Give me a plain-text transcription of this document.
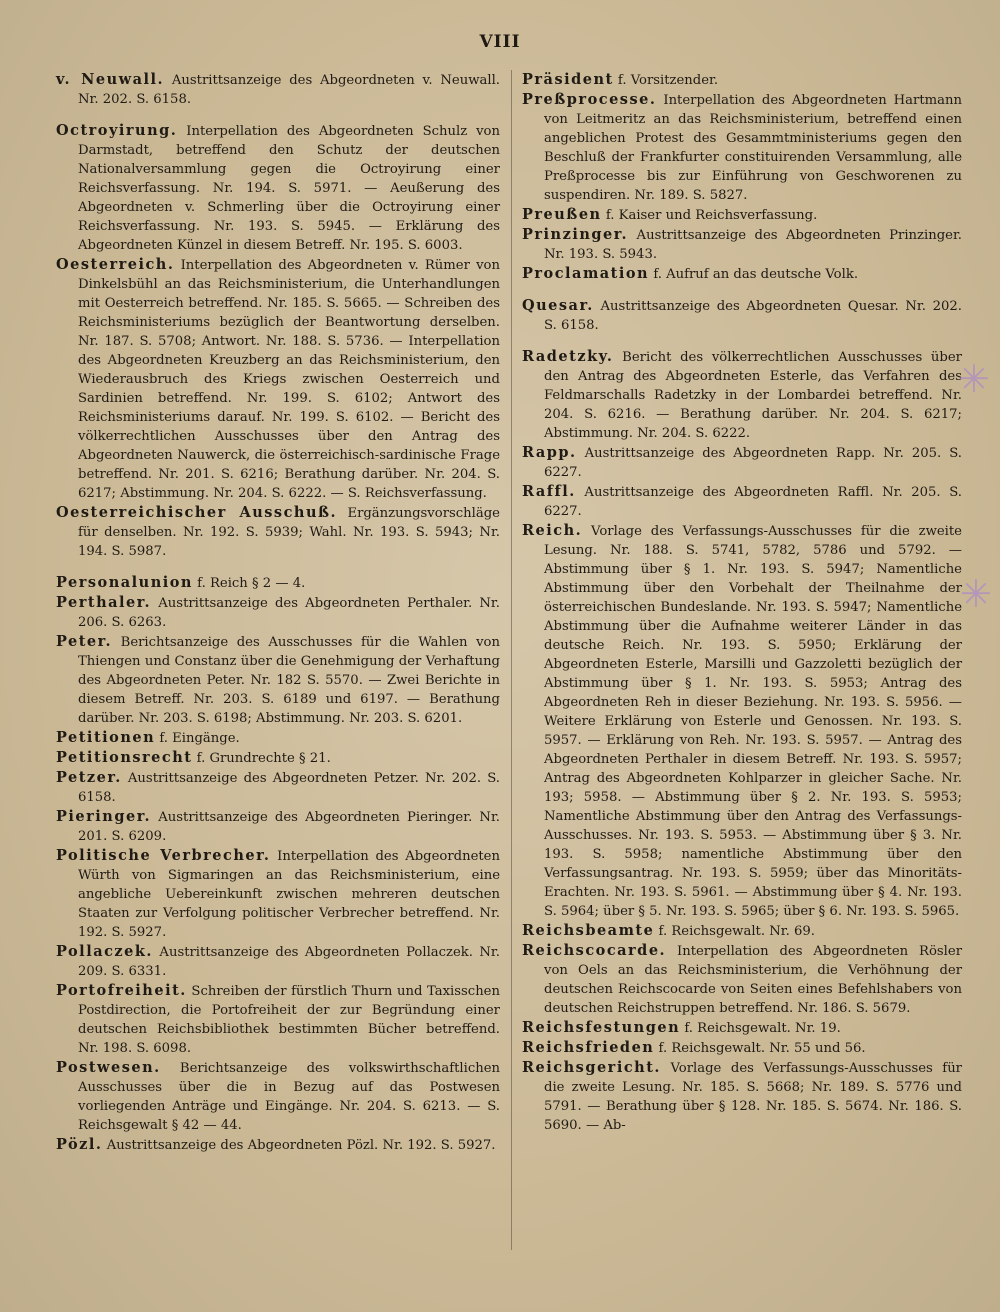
VIII

v. Neuwall. Austrittsanzeige des Abgeordneten v. Neuwall. Nr. 202. S. 6158.

Octroyirung. Interpellation des Abgeordneten Schulz von Darmstadt, betreffend den Schutz der deutschen Nationalversammlung gegen die Octroyirung einer Reichsverfassung. Nr. 194. S. 5971. — Aeußerung des Abgeordneten v. Schmerling über die Octroyirung einer Reichsverfassung. Nr. 193. S. 5945. — Erklärung des Abgeordneten Künzel in diesem Betreff. Nr. 195. S. 6003.

Oesterreich. Interpellation des Abgeordneten v. Rümer von Dinkelsbühl an das Reichsministerium, die Unterhandlungen mit Oesterreich betreffend. Nr. 185. S. 5665. — Schreiben des Reichsministeriums bezüglich der Beantwortung derselben. Nr. 187. S. 5708; Antwort. Nr. 188. S. 5736. — Interpellation des Abgeordneten Kreuzberg an das Reichsministerium, den Wiederausbruch des Kriegs zwischen Oesterreich und Sardinien betreffend. Nr. 199. S. 6102; Antwort des Reichsministeriums darauf. Nr. 199. S. 6102. — Bericht des völkerrechtlichen Ausschusses über den Antrag des Abgeordneten Nauwerck, die österreichisch-sardinische Frage betreffend. Nr. 201. S. 6216; Berathung darüber. Nr. 204. S. 6217; Abstimmung. Nr. 204. S. 6222. — S. Reichsverfassung.

Oesterreichischer Ausschuß. Ergänzungsvorschläge für denselben. Nr. 192. S. 5939; Wahl. Nr. 193. S. 5943; Nr. 194. S. 5987.

Personalunion f. Reich § 2 — 4.

Perthaler. Austrittsanzeige des Abgeordneten Perthaler. Nr. 206. S. 6263.

Peter. Berichtsanzeige des Ausschusses für die Wahlen von Thiengen und Constanz über die Genehmigung der Verhaftung des Abgeordneten Peter. Nr. 182 S. 5570. — Zwei Berichte in diesem Betreff. Nr. 203. S. 6189 und 6197. — Berathung darüber. Nr. 203. S. 6198; Abstimmung. Nr. 203. S. 6201.

Petitionen f. Eingänge.

Petitionsrecht f. Grundrechte § 21.

Petzer. Austrittsanzeige des Abgeordneten Petzer. Nr. 202. S. 6158.

Pieringer. Austrittsanzeige des Abgeordneten Pieringer. Nr. 201. S. 6209.

Politische Verbrecher. Interpellation des Abgeordneten Würth von Sigmaringen an das Reichsministerium, eine angebliche Uebereinkunft zwischen mehreren deutschen Staaten zur Verfolgung politischer Verbrecher betreffend. Nr. 192. S. 5927.

Pollaczek. Austrittsanzeige des Abgeordneten Pollaczek. Nr. 209. S. 6331.

Portofreiheit. Schreiben der fürstlich Thurn und Taxisschen Postdirection, die Portofreiheit der zur Begründung einer deutschen Reichsbibliothek bestimmten Bücher betreffend. Nr. 198. S. 6098.

Postwesen. Berichtsanzeige des volkswirthschaftlichen Ausschusses über die in Bezug auf das Postwesen vorliegenden Anträge und Eingänge. Nr. 204. S. 6213. — S. Reichsgewalt § 42 — 44.

Pözl. Austrittsanzeige des Abgeordneten Pözl. Nr. 192. S. 5927.

Präsident f. Vorsitzender.

Preßprocesse. Interpellation des Abgeordneten Hartmann von Leitmeritz an das Reichsministerium, betreffend einen angeblichen Protest des Gesammtministeriums gegen den Beschluß der Frankfurter constituirenden Versammlung, alle Preßprocesse bis zur Einführung von Geschworenen zu suspendiren. Nr. 189. S. 5827.

Preußen f. Kaiser und Reichsverfassung.

Prinzinger. Austrittsanzeige des Abgeordneten Prinzinger. Nr. 193. S. 5943.

Proclamation f. Aufruf an das deutsche Volk.

Quesar. Austrittsanzeige des Abgeordneten Quesar. Nr. 202. S. 6158.

Radetzky. Bericht des völkerrechtlichen Ausschusses über den Antrag des Abgeordneten Esterle, das Verfahren des Feldmarschalls Radetzky in der Lombardei betreffend. Nr. 204. S. 6216. — Berathung darüber. Nr. 204. S. 6217; Abstimmung. Nr. 204. S. 6222.

Rapp. Austrittsanzeige des Abgeordneten Rapp. Nr. 205. S. 6227.

Raffl. Austrittsanzeige des Abgeordneten Raffl. Nr. 205. S. 6227.

Reich. Vorlage des Verfassungs-Ausschusses für die zweite Lesung. Nr. 188. S. 5741, 5782, 5786 und 5792. — Abstimmung über § 1. Nr. 193. S. 5947; Namentliche Abstimmung über den Vorbehalt der Theilnahme der österreichischen Bundeslande. Nr. 193. S. 5947; Namentliche Abstimmung über die Aufnahme weiterer Länder in das deutsche Reich. Nr. 193. S. 5950; Erklärung der Abgeordneten Esterle, Marsilli und Gazzoletti bezüglich der Abstimmung über § 1. Nr. 193. S. 5953; Antrag des Abgeordneten Reh in dieser Beziehung. Nr. 193. S. 5956. — Weitere Erklärung von Esterle und Genossen. Nr. 193. S. 5957. — Erklärung von Reh. Nr. 193. S. 5957. — Antrag des Abgeordneten Perthaler in diesem Betreff. Nr. 193. S. 5957; Antrag des Abgeordneten Kohlparzer in gleicher Sache. Nr. 193; 5958. — Abstimmung über § 2. Nr. 193. S. 5953; Namentliche Abstimmung über den Antrag des Verfassungs-Ausschusses. Nr. 193. S. 5953. — Abstimmung über § 3. Nr. 193. S. 5958; namentliche Abstimmung über den Verfassungsantrag. Nr. 193. S. 5959; über das Minoritäts-Erachten. Nr. 193. S. 5961. — Abstimmung über § 4. Nr. 193. S. 5964; über § 5. Nr. 193. S. 5965; über § 6. Nr. 193. S. 5965.

Reichsbeamte f. Reichsgewalt. Nr. 69.

Reichscocarde. Interpellation des Abgeordneten Rösler von Oels an das Reichsministerium, die Verhöhnung der deutschen Reichscocarde von Seiten eines Befehlshabers von deutschen Reichstruppen betreffend. Nr. 186. S. 5679.

Reichsfestungen f. Reichsgewalt. Nr. 19.

Reichsfrieden f. Reichsgewalt. Nr. 55 und 56.

Reichsgericht. Vorlage des Verfassungs-Ausschusses für die zweite Lesung. Nr. 185. S. 5668; Nr. 189. S. 5776 und 5791. — Berathung über § 128. Nr. 185. S. 5674. Nr. 186. S. 5690. — Ab-

✳
✳
